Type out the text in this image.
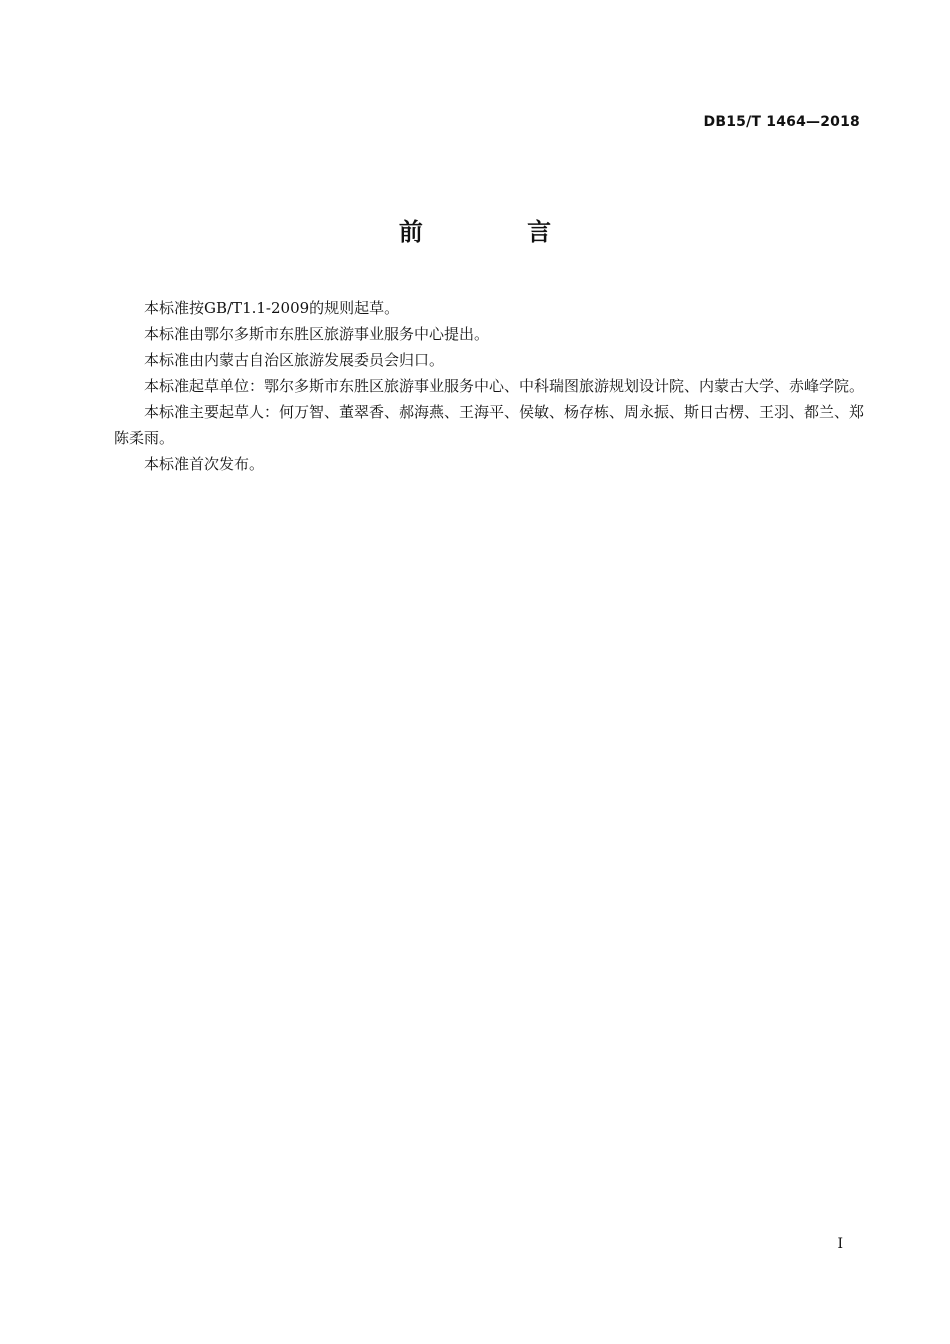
DB15/T 1464—2018
前 言

本标准按GB/T1.1-2009的规则起草。

本标准由鄂尔多斯市东胜区旅游事业服务中心提出。

本标准由内蒙古自治区旅游发展委员会归口。

本标准起草单位：鄂尔多斯市东胜区旅游事业服务中心、中科瑞图旅游规划设计院、内蒙古大学、赤峰学院。

本标准主要起草人：何万智、董翠香、郝海燕、王海平、侯敏、杨存栋、周永振、斯日古楞、王羽、都兰、郑陈柔雨。

本标准首次发布。

I
